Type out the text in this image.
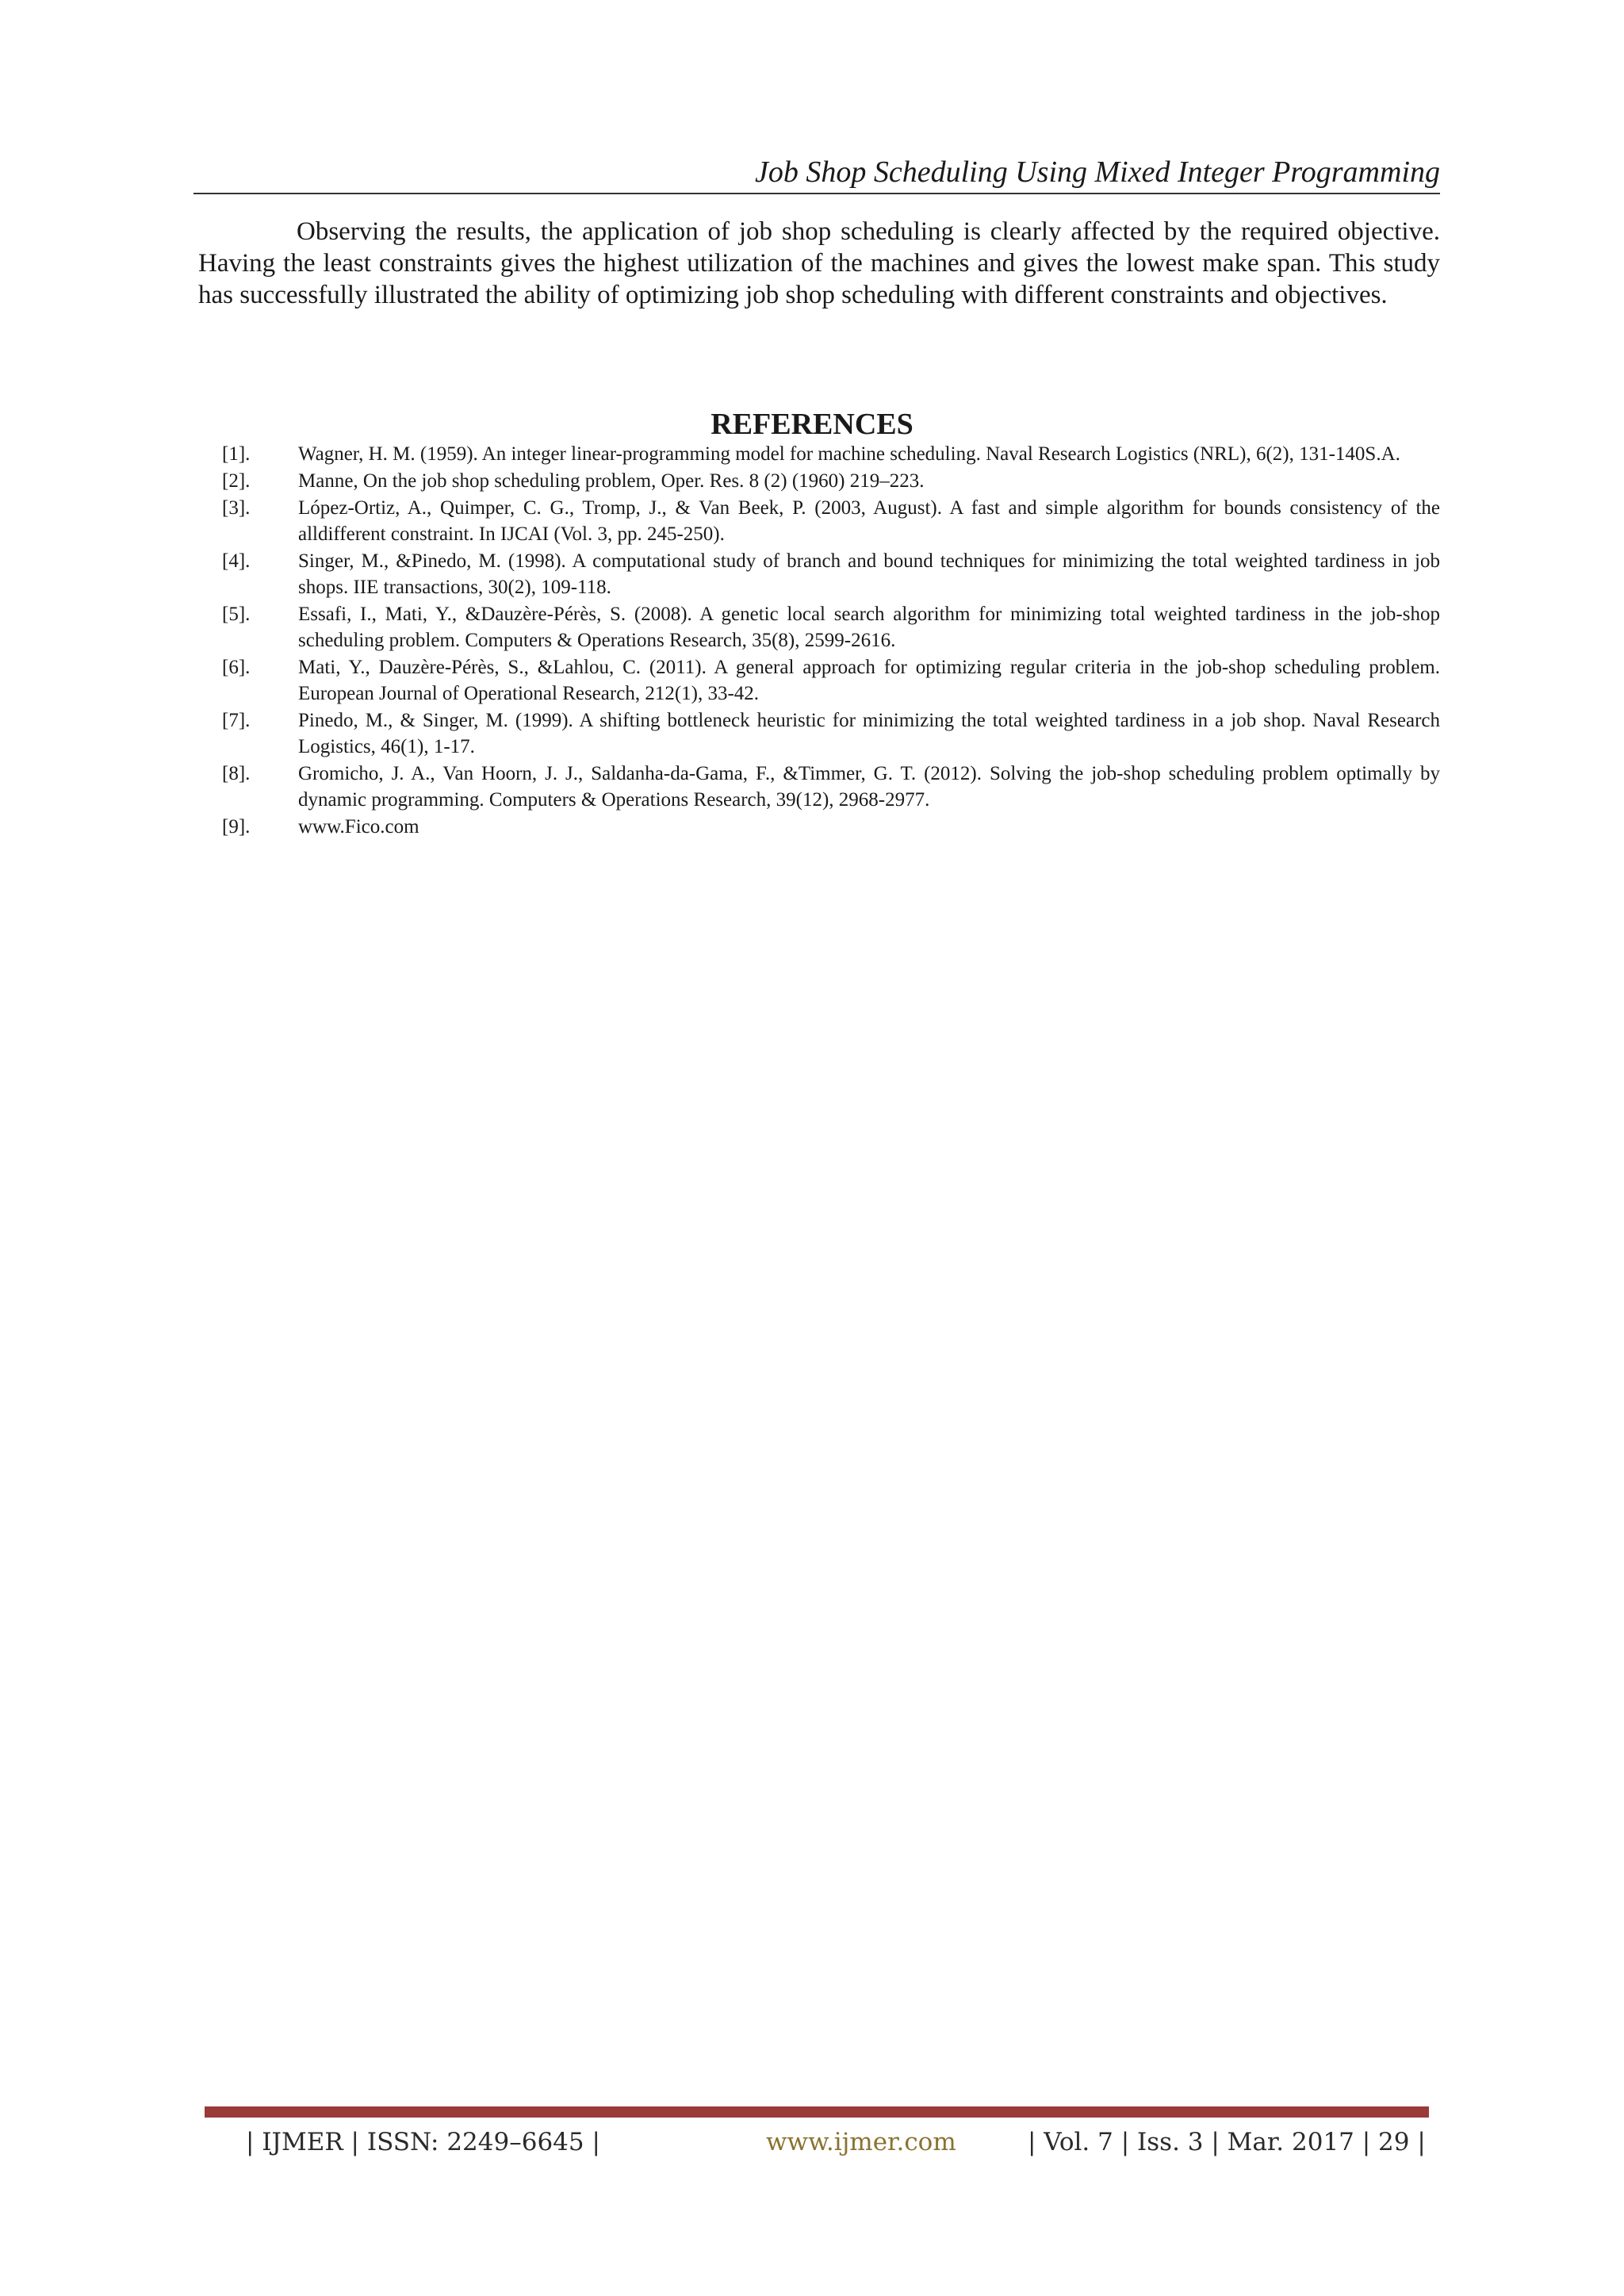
Job Shop Scheduling Using Mixed Integer Programming

Observing the results, the application of job shop scheduling is clearly affected by the required objective. Having the least constraints gives the highest utilization of the machines and gives the lowest make span. This study has successfully illustrated the ability of optimizing job shop scheduling with different constraints and objectives.

REFERENCES
[1]. Wagner, H. M. (1959). An integer linear-programming model for machine scheduling. Naval Research Logistics (NRL), 6(2), 131-140S.A.
[2]. Manne, On the job shop scheduling problem, Oper. Res. 8 (2) (1960) 219–223.
[3]. López-Ortiz, A., Quimper, C. G., Tromp, J., & Van Beek, P. (2003, August). A fast and simple algorithm for bounds consistency of the alldifferent constraint. In IJCAI (Vol. 3, pp. 245-250).
[4]. Singer, M., &Pinedo, M. (1998). A computational study of branch and bound techniques for minimizing the total weighted tardiness in job shops. IIE transactions, 30(2), 109-118.
[5]. Essafi, I., Mati, Y., &Dauzère-Pérès, S. (2008). A genetic local search algorithm for minimizing total weighted tardiness in the job-shop scheduling problem. Computers & Operations Research, 35(8), 2599-2616.
[6]. Mati, Y., Dauzère-Pérès, S., &Lahlou, C. (2011). A general approach for optimizing regular criteria in the job-shop scheduling problem. European Journal of Operational Research, 212(1), 33-42.
[7]. Pinedo, M., & Singer, M. (1999). A shifting bottleneck heuristic for minimizing the total weighted tardiness in a job shop. Naval Research Logistics, 46(1), 1-17.
[8]. Gromicho, J. A., Van Hoorn, J. J., Saldanha-da-Gama, F., &Timmer, G. T. (2012). Solving the job-shop scheduling problem optimally by dynamic programming. Computers & Operations Research, 39(12), 2968-2977.
[9]. www.Fico.com
| IJMER | ISSN: 2249–6645 |	www.ijmer.com	| Vol. 7 | Iss. 3 | Mar. 2017 | 29 |
